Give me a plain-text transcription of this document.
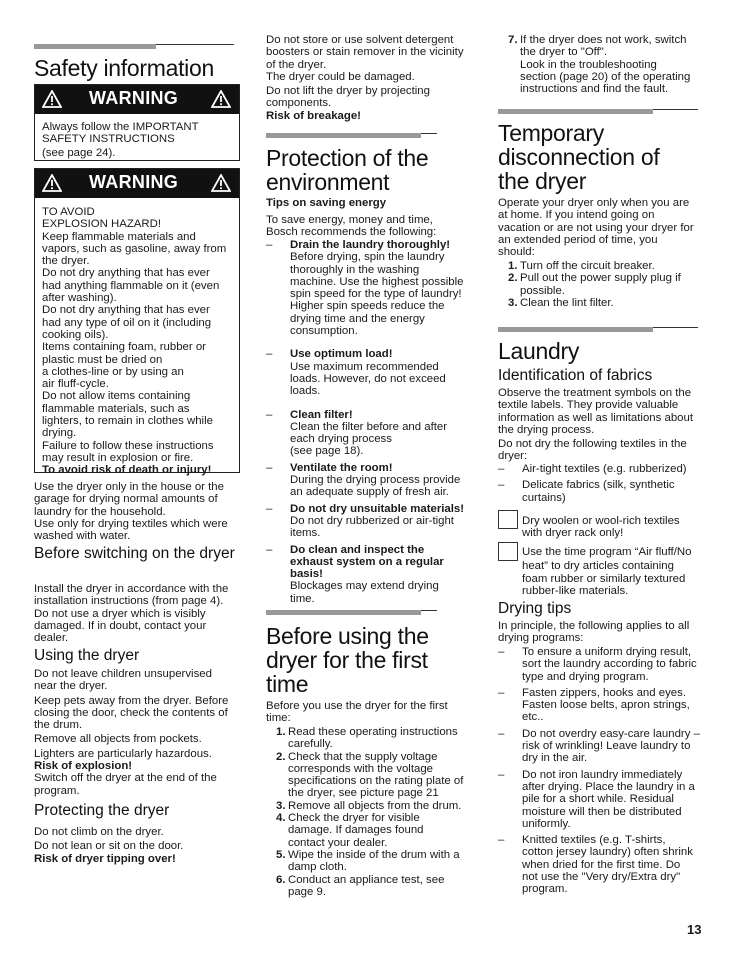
Safety information
WARNING

Always follow the IMPORTANT

SAFETY INSTRUCTIONS

(see page 24).

WARNING

TO AVOID

EXPLOSION HAZARD!

Keep flammable materials and

vapors, such as gasoline, away from

the dryer.

Do not dry anything that has ever

had anything flammable on it (even

after washing).

Do not dry anything that has ever

had any type of oil on it (including

cooking oils).

Items containing foam, rubber or

plastic must be dried on

a clothes-line or by using an

air fluff-cycle.

Do not allow items containing

flammable materials, such as

lighters, to remain in clothes while

drying.

Failure to follow these instructions

may result in explosion or fire.

To avoid risk of death or injury!

Use the dryer only in the house or the

garage for drying normal amounts of

laundry for the household.

Use only for drying textiles which were

washed with water.

Before switching on the dryer

Install the dryer in accordance with the

installation instructions (from page 4).

Do not use a dryer which is visibly

damaged. If in doubt, contact your

dealer.

Using the dryer

Do not leave children unsupervised

near the dryer.

Keep pets away from the dryer. Before

closing the door, check the contents of

the drum.

Remove all objects from pockets.

Lighters are particularly hazardous.

Risk of explosion!

Switch off the dryer at the end of the

program.

Protecting the dryer

Do not climb on the dryer.

Do not lean or sit on the door.

Risk of dryer tipping over!

Do not store or use solvent detergent

boosters or stain remover in the vicinity

of the dryer.

The dryer could be damaged.

Do not lift the dryer by projecting

components.

Risk of breakage!

Protection of the
environment
Tips on saving energy

To save energy, money and time,

Bosch recommends the following:

– Drain the laundry thoroughly!

Before drying, spin the laundry

thoroughly in the washing

machine. Use the highest possible

spin speed for the type of laundry!

Higher spin speeds reduce the

drying time and the energy

consumption.

– Use optimum load!

Use maximum recommended

loads. However, do not exceed

loads.

– Clean filter!

Clean the filter before and after

each drying process

(see page 18).

– Ventilate the room!

During the drying process provide

an adequate supply of fresh air.

– Do not dry unsuitable materials!

Do not dry rubberized or air-tight

items.

– Do clean and inspect the

exhaust system on a regular

basis!

Blockages may extend drying

time.

Before using the
dryer for the first
time

Before you use the dryer for the first

time:

1. Read these operating instructions

carefully.

2. Check that the supply voltage

corresponds with the voltage

specifications on the rating plate of

the dryer, see picture page 21

3. Remove all objects from the drum.

4. Check the dryer for visible

damage. If damages found

contact your dealer.

5. Wipe the inside of the drum with a

damp cloth.

6. Conduct an appliance test, see

page 9.

7. If the dryer does not work, switch

the dryer to "Off".

Look in the troubleshooting

section (page 20) of the operating

instructions and find the fault.

Temporary
disconnection of
the dryer

Operate your dryer only when you are

at home. If you intend going on

vacation or are not using your dryer for

an extended period of time, you

should:

1. Turn off the circuit breaker.

2. Pull out the power supply plug if

possible.

3. Clean the lint filter.

Laundry
Identification of fabrics

Observe the treatment symbols on the

textile labels. They provide valuable

information as well as limitations about

the drying process.

Do not dry the following textiles in the

dryer:

– Air-tight textiles (e.g. rubberized)

– Delicate fabrics (silk, synthetic

curtains)

Dry woolen or wool-rich textiles

with dryer rack only!

Use the time program “Air fluff/No

heat” to dry articles containing

foam rubber or similarly textured

rubber-like materials.

Drying tips

In principle, the following applies to all

drying programs:

– To ensure a uniform drying result,

sort the laundry according to fabric

type and drying program.

– Fasten zippers, hooks and eyes.

Fasten loose belts, apron strings,

etc..

– Do not overdry easy-care laundry –

risk of wrinkling! Leave laundry to

dry in the air.

– Do not iron laundry immediately

after drying. Place the laundry in a

pile for a short while. Residual

moisture will then be distributed

uniformly.

– Knitted textiles (e.g. T-shirts,

cotton jersey laundry) often shrink

when dried for the first time. Do

not use the "Very dry/Extra dry"

program.

13
